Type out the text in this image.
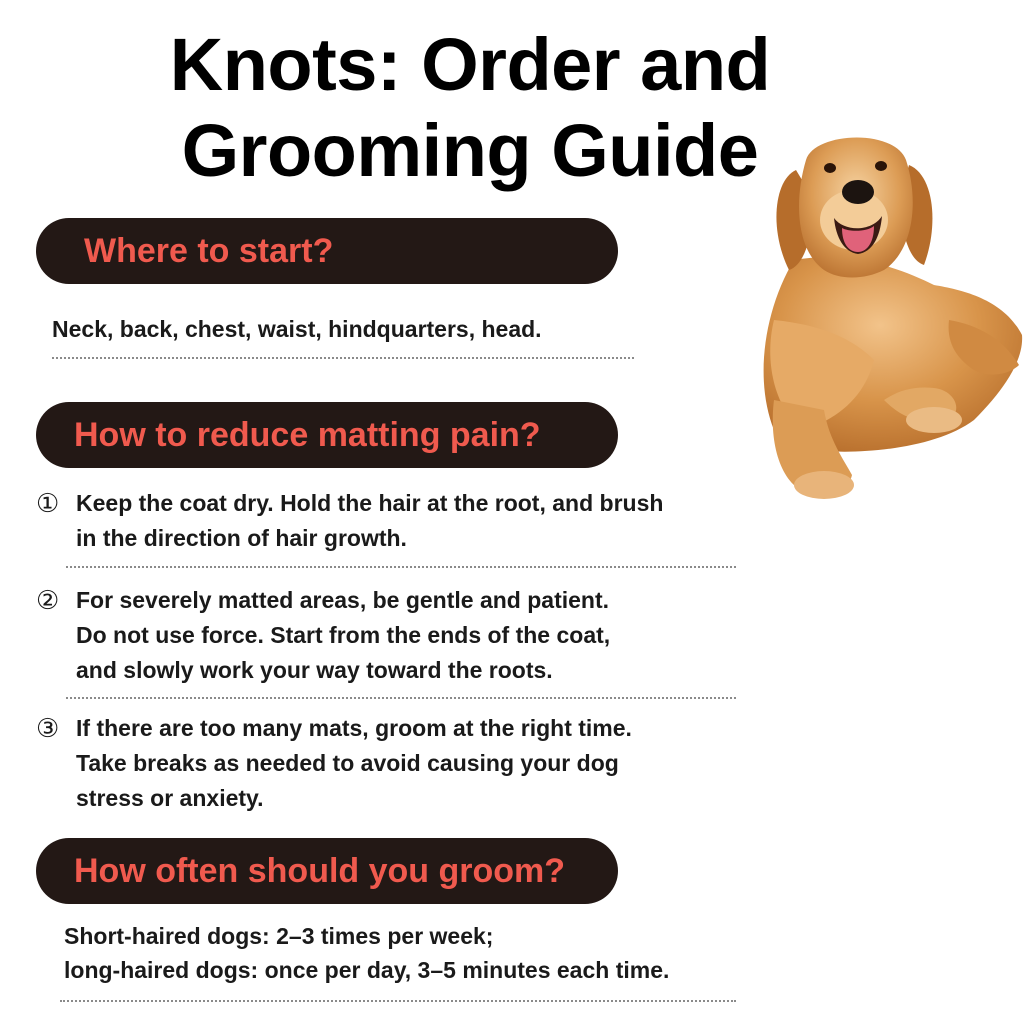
Knots: Order and
Grooming Guide
Where to start?
Neck, back, chest, waist, hindquarters, head.
How to reduce matting pain?
① Keep the coat dry. Hold the hair at the root, and brush
in the direction of hair growth.
② For severely matted areas, be gentle and patient.
Do not use force. Start from the ends of the coat,
and slowly work your way toward the roots.
③ If there are too many mats, groom at the right time.
Take breaks as needed to avoid causing your dog
stress or anxiety.
How often should you groom?
Short-haired dogs: 2–3 times per week;
long-haired dogs: once per day, 3–5 minutes each time.
